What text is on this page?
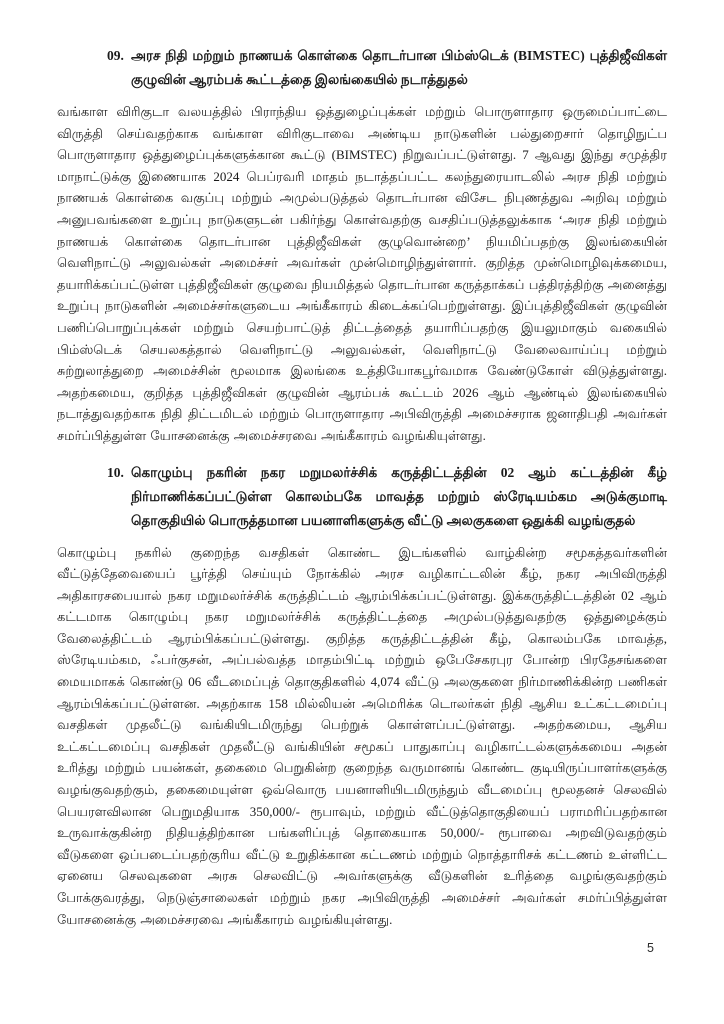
09. அரச நிதி மற்றும் நாணயக் கொள்கை தொடர்பான பிம்ஸ்டெக் (BIMSTEC) புத்திஜீவிகள் குழுவின் ஆரம்பக் கூட்டத்தை இலங்கையில் நடாத்துதல்

வங்காள விரிகுடா வலயத்தில் பிராந்திய ஒத்துழைப்புக்கள் மற்றும் பொருளாதார ஒருமைப்பாட்டை விருத்தி செய்வதற்காக வங்காள விரிகுடாவை அண்டிய நாடுகளின் பல்துறைசார் தொழிநுட்ப பொருளாதார ஒத்துழைப்புக்களுக்கான கூட்டு (BIMSTEC) நிறுவப்பட்டுள்ளது. 7 ஆவது இந்து சமுத்திர மாநாட்டுக்கு இணையாக 2024 பெப்ரவரி மாதம் நடாத்தப்பட்ட கலந்துரையாடலில் அரச நிதி மற்றும் நாணயக் கொள்கை வகுப்பு மற்றும் அமுல்படுத்தல் தொடர்பான விசேட நிபுணத்துவ அறிவு மற்றும் அனுபவங்களை உறுப்பு நாடுகளுடன் பகிர்ந்து கொள்வதற்கு வசதிப்படுத்தலுக்காக ‘அரச நிதி மற்றும் நாணயக் கொள்கை தொடர்பான புத்திஜீவிகள் குழுவொன்றை’ நியமிப்பதற்கு இலங்கையின் வெளிநாட்டு அலுவல்கள் அமைச்சர் அவர்கள் முன்மொழிந்துள்ளார். குறித்த முன்மொழிவுக்கமைய, தயாரிக்கப்பட்டுள்ள புத்திஜீவிகள் குழுவை நியமித்தல் தொடர்பான கருத்தாக்கப் பத்திரத்திற்கு அனைத்து உறுப்பு நாடுகளின் அமைச்சர்களுடைய அங்கீகாரம் கிடைக்கப்பெற்றுள்ளது. இப்புத்திஜீவிகள் குழுவின் பணிப்பொறுப்புக்கள் மற்றும் செயற்பாட்டுத் திட்டத்தைத் தயாரிப்பதற்கு இயலுமாகும் வகையில் பிம்ஸ்டெக் செயலகத்தால் வெளிநாட்டு அலுவல்கள், வெளிநாட்டு வேலைவாய்ப்பு மற்றும் சுற்றுலாத்துறை அமைச்சின் மூலமாக இலங்கை உத்தியோகபூர்வமாக வேண்டுகோள் விடுத்துள்ளது. அதற்கமைய, குறித்த புத்திஜீவிகள் குழுவின் ஆரம்பக் கூட்டம் 2026 ஆம் ஆண்டில் இலங்கையில் நடாத்துவதற்காக நிதி திட்டமிடல் மற்றும் பொருளாதார அபிவிருத்தி அமைச்சராக ஜனாதிபதி அவர்கள் சமர்ப்பித்துள்ள யோசனைக்கு அமைச்சரவை அங்கீகாரம் வழங்கியுள்ளது.

10. கொழும்பு நகரின் நகர மறுமலர்ச்சிக் கருத்திட்டத்தின் 02 ஆம் கட்டத்தின் கீழ் நிர்மாணிக்கப்பட்டுள்ள கொலம்பகே மாவத்த மற்றும் ஸ்ரேடியம்கம அடுக்குமாடி தொகுதியில் பொருத்தமான பயனாளிகளுக்கு வீட்டு அலகுகளை ஒதுக்கி வழங்குதல்

கொழும்பு நகரில் குறைந்த வசதிகள் கொண்ட இடங்களில் வாழ்கின்ற சமூகத்தவர்களின் வீட்டுத்தேவையைப் பூர்த்தி செய்யும் நோக்கில் அரச வழிகாட்டலின் கீழ், நகர அபிவிருத்தி அதிகாரசபையால் நகர மறுமலர்ச்சிக் கருத்திட்டம் ஆரம்பிக்கப்பட்டுள்ளது. இக்கருத்திட்டத்தின் 02 ஆம் கட்டமாக கொழும்பு நகர மறுமலர்ச்சிக் கருத்திட்டத்தை அமுல்படுத்துவதற்கு ஒத்துழைக்கும் வேலைத்திட்டம் ஆரம்பிக்கப்பட்டுள்ளது. குறித்த கருத்திட்டத்தின் கீழ், கொலம்பகே மாவத்த, ஸ்ரேடியம்கம, ஃபர்குசன், அப்பல்வத்த மாதம்பிட்டி மற்றும் ஒபேசேகரபுர போன்ற பிரதேசங்களை மையமாகக் கொண்டு 06 வீடமைப்புத் தொகுதிகளில் 4,074 வீட்டு அலகுகளை நிர்மாணிக்கின்ற பணிகள் ஆரம்பிக்கப்பட்டுள்ளன. அதற்காக 158 மில்லியன் அமெரிக்க டொலர்கள் நிதி ஆசிய உட்கட்டமைப்பு வசதிகள் முதலீட்டு வங்கியிடமிருந்து பெற்றுக் கொள்ளப்பட்டுள்ளது. அதற்கமைய, ஆசிய உட்கட்டமைப்பு வசதிகள் முதலீட்டு வங்கியின் சமூகப் பாதுகாப்பு வழிகாட்டல்களுக்கமைய அதன் உரித்து மற்றும் பயன்கள், தகைமை பெறுகின்ற குறைந்த வருமானங் கொண்ட குடியிருப்பாளர்களுக்கு வழங்குவதற்கும், தகைமையுள்ள ஒவ்வொரு பயனாளியிடமிருந்தும் வீடமைப்பு மூலதனச் செலவில் பெயரளவிலான பெறுமதியாக 350,000/- ரூபாவும், மற்றும் வீட்டுத்தொகுதியைப் பராமரிப்பதற்கான உருவாக்குகின்ற நிதியத்திற்கான பங்களிப்புத் தொகையாக 50,000/- ரூபாவை அறவிடுவதற்கும் வீடுகளை ஒப்படைப்பதற்குரிய வீட்டு உறுதிக்கான கட்டணம் மற்றும் நொத்தாரிசக் கட்டணம் உள்ளிட்ட ஏனைய செலவுகளை அரசு செலவிட்டு அவர்களுக்கு வீடுகளின் உரித்தை வழங்குவதற்கும் போக்குவரத்து, நெடுஞ்சாலைகள் மற்றும் நகர அபிவிருத்தி அமைச்சர் அவர்கள் சமர்ப்பித்துள்ள யோசனைக்கு அமைச்சரவை அங்கீகாரம் வழங்கியுள்ளது.

5
